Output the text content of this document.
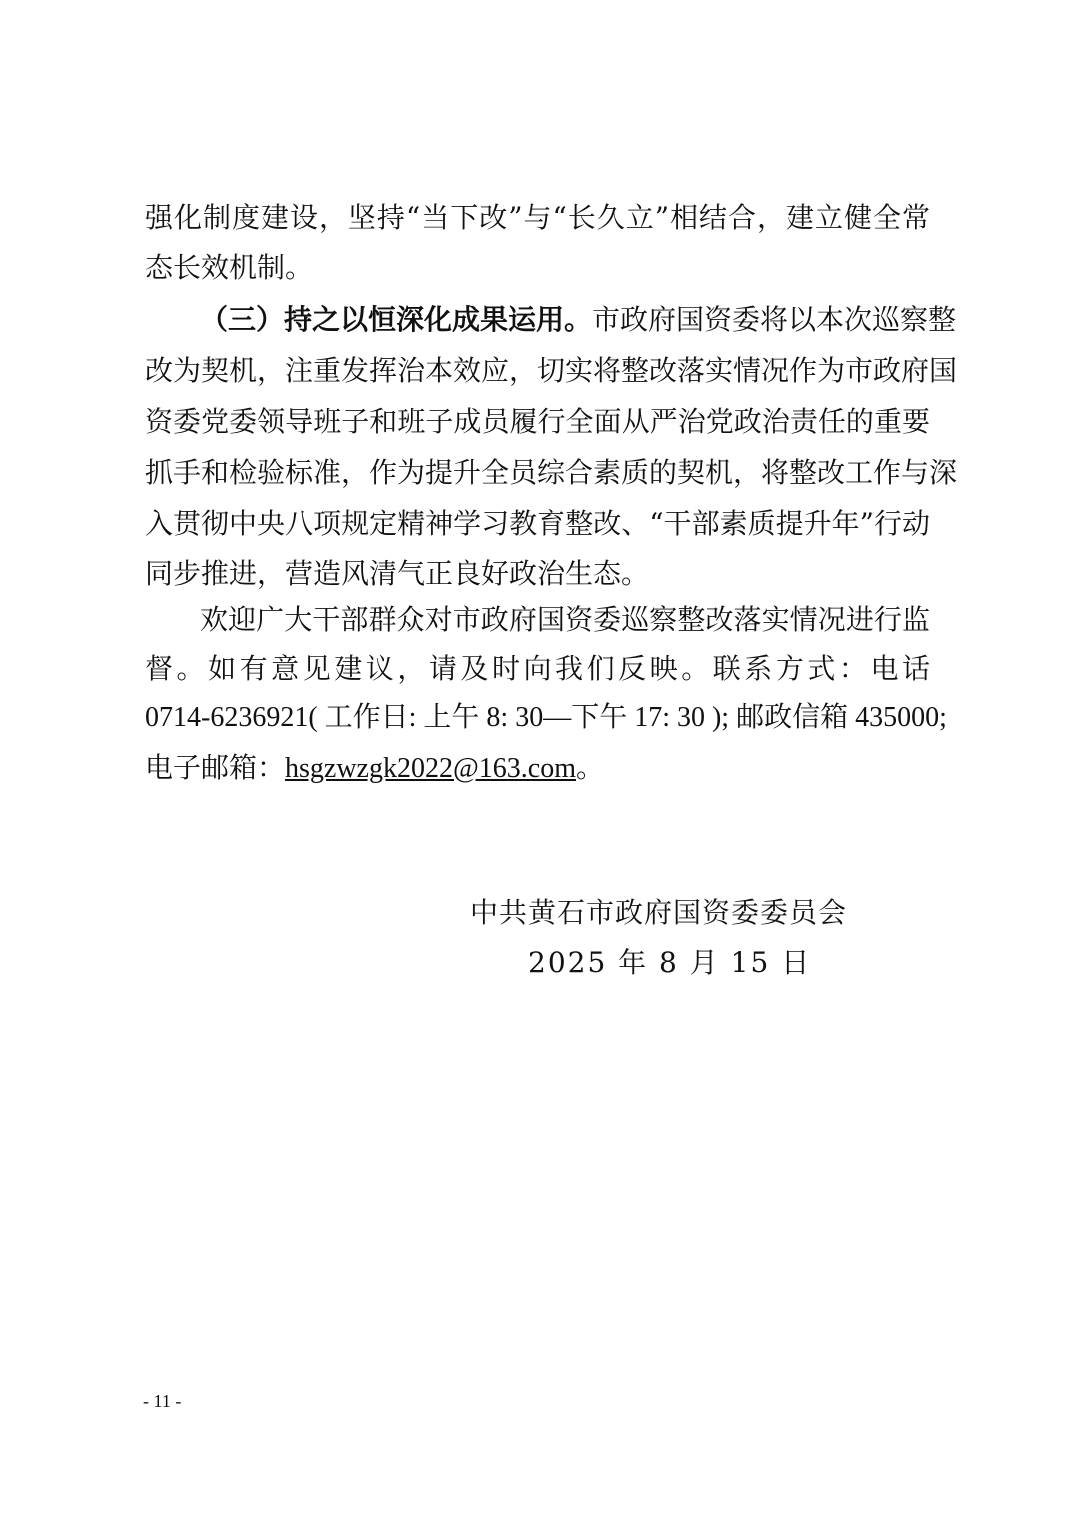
强化制度建设，坚持“当下改”与“长久立”相结合，建立健全常
态长效机制。
（三）持之以恒深化成果运用。市政府国资委将以本次巡察整
改为契机，注重发挥治本效应，切实将整改落实情况作为市政府国
资委党委领导班子和班子成员履行全面从严治党政治责任的重要
抓手和检验标准，作为提升全员综合素质的契机，将整改工作与深
入贯彻中央八项规定精神学习教育整改、“干部素质提升年”行动
同步推进，营造风清气正良好政治生态。
欢迎广大干部群众对市政府国资委巡察整改落实情况进行监
督。如有意见建议，请及时向我们反映。联系方式：电话
0714-6236921( 工作日: 上午 8: 30—下午 17: 30 ); 邮政信箱 435000;
电子邮箱：hsgzwzgk2022@163.com。
中共黄石市政府国资委委员会
2025 年 8 月 15 日
- 11 -
